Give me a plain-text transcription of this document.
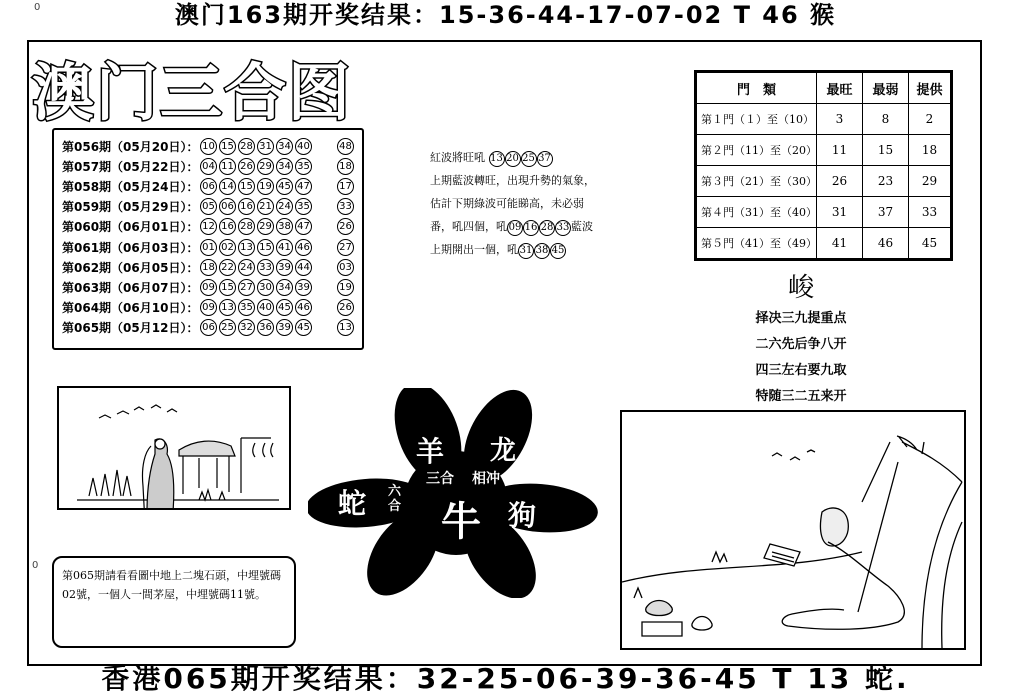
澳门163期开奖结果：15-36-44-17-07-02 T 46 猴
0
0
澳门三合图
第056期（05月20日）： 10 15 28 31 34 40	48
第057期（05月22日）： 04 11 26 29 34 35	18
第058期（05月24日）： 06 14 15 19 45 47	17
第059期（05月29日）： 05 06 16 21 24 35	33
第060期（06月01日）： 12 16 28 29 38 47	26
第061期（06月03日）： 01 02 13 15 41 46	27
第062期（06月05日）： 18 22 24 33 39 44	03
第063期（06月07日）： 09 15 27 30 34 39	19
第064期（06月10日）： 09 13 35 40 45 46	26
第065期（05月12日）： 06 25 32 36 39 45	13
紅波將旺吼 13 20 25 37
上期藍波轉旺，出現升勢的氣象，
估計下期綠波可能睇高，未必弱
番，吼四個，吼 09 16 28 33 藍波
上期開出一個，吼 31 38 45
門　類	最旺	最弱	提供
第１門（１）至（10）	3	8	2
第２門（11）至（20）	11	15	18
第３門（21）至（30）	26	23	29
第４門（31）至（40）	31	37	33
第５門（41）至（49）	41	46	45
峻
择决三九提重点
二六先后争八开
四三左右要九取
特随三二五来开
羊 龙
三合 相冲
蛇 六合 牛 狗
第065期請看看圖中地上二塊石頭，中埋號碼02號，一個人一間茅屋，中埋號碼11號。
香港065期开奖结果：32-25-06-39-36-45 T 13 蛇.
